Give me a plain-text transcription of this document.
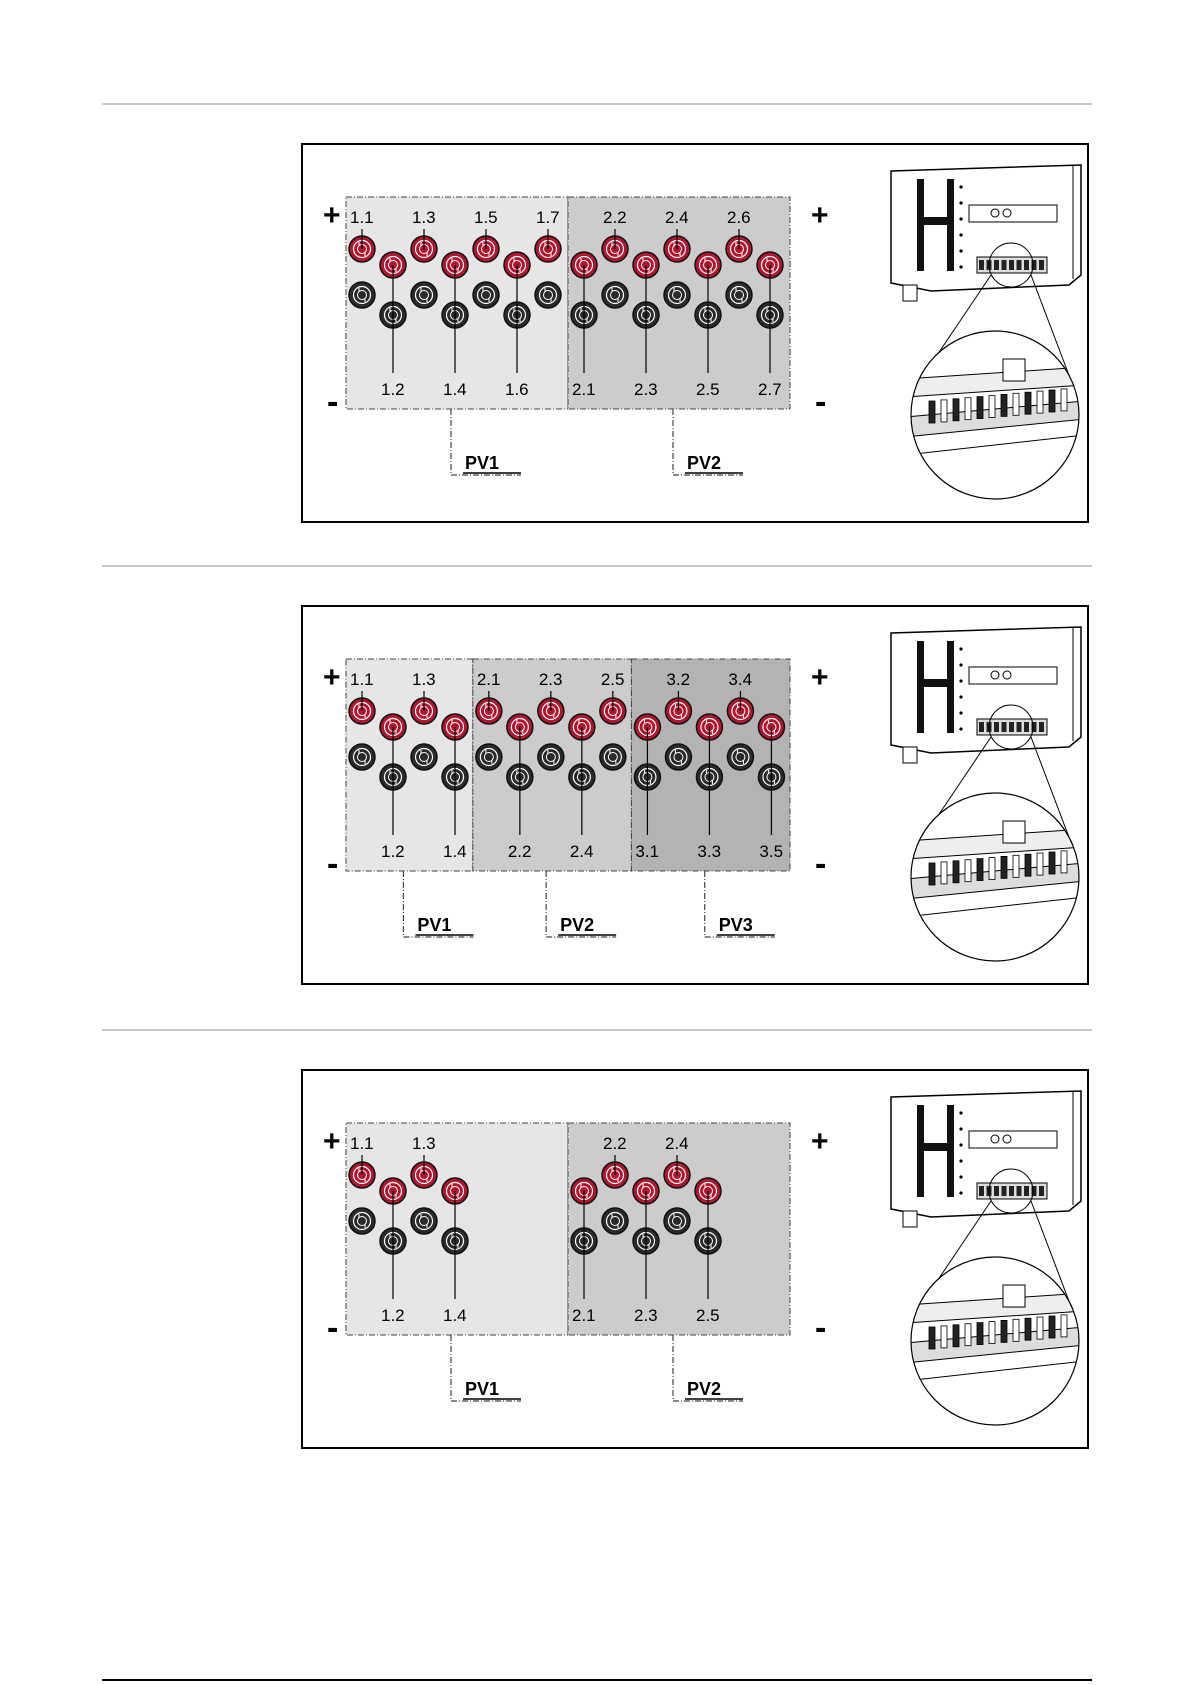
1.1
1.2
1.3
1.4
1.5
1.6
1.7
PV1
2.1
2.2
2.3
2.4
2.5
2.6
2.7
PV2
+	+
-	-
1.1
1.2
1.3
1.4
PV1
2.1
2.2
2.3
2.4
2.5
PV2
3.1
3.2
3.3
3.4
3.5
PV3
+	+
-	-
1.1
1.2
1.3
1.4
PV1
2.1
2.2
2.3
2.4
2.5
PV2
+	+
-	-
